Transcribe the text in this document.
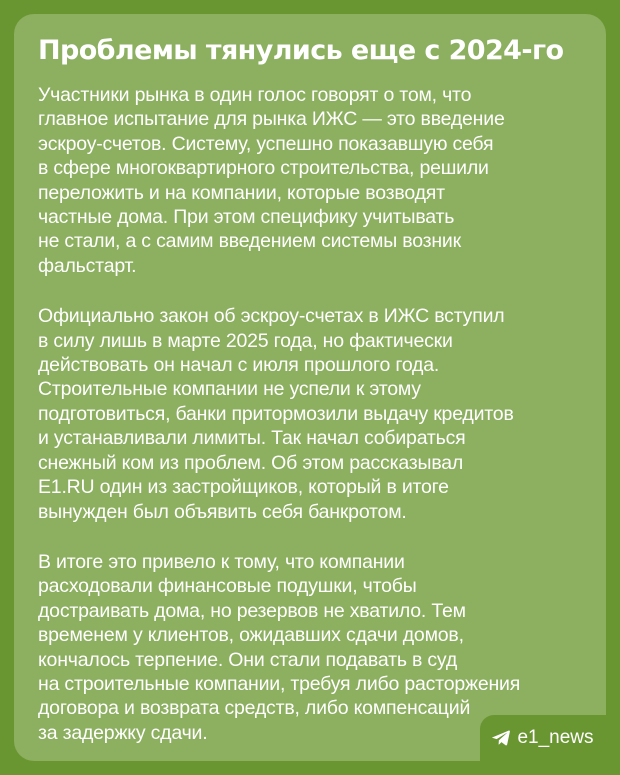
Проблемы тянулись еще с 2024-го

Участники рынка в один голос говорят о том, что
главное испытание для рынка ИЖС — это введение
эскроу-счетов. Систему, успешно показавшую себя
в сфере многоквартирного строительства, решили
переложить и на компании, которые возводят
частные дома. При этом специфику учитывать
не стали, а с самим введением системы возник
фальстарт.

Официально закон об эскроу-счетах в ИЖС вступил
в силу лишь в марте 2025 года, но фактически
действовать он начал с июля прошлого года.
Строительные компании не успели к этому
подготовиться, банки притормозили выдачу кредитов
и устанавливали лимиты. Так начал собираться
снежный ком из проблем. Об этом рассказывал
E1.RU один из застройщиков, который в итоге
вынужден был объявить себя банкротом.

В итоге это привело к тому, что компании
расходовали финансовые подушки, чтобы
достраивать дома, но резервов не хватило. Тем
временем у клиентов, ожидавших сдачи домов,
кончалось терпение. Они стали подавать в суд
на строительные компании, требуя либо расторжения
договора и возврата средств, либо компенсаций
за задержку сдачи.	e1_news
